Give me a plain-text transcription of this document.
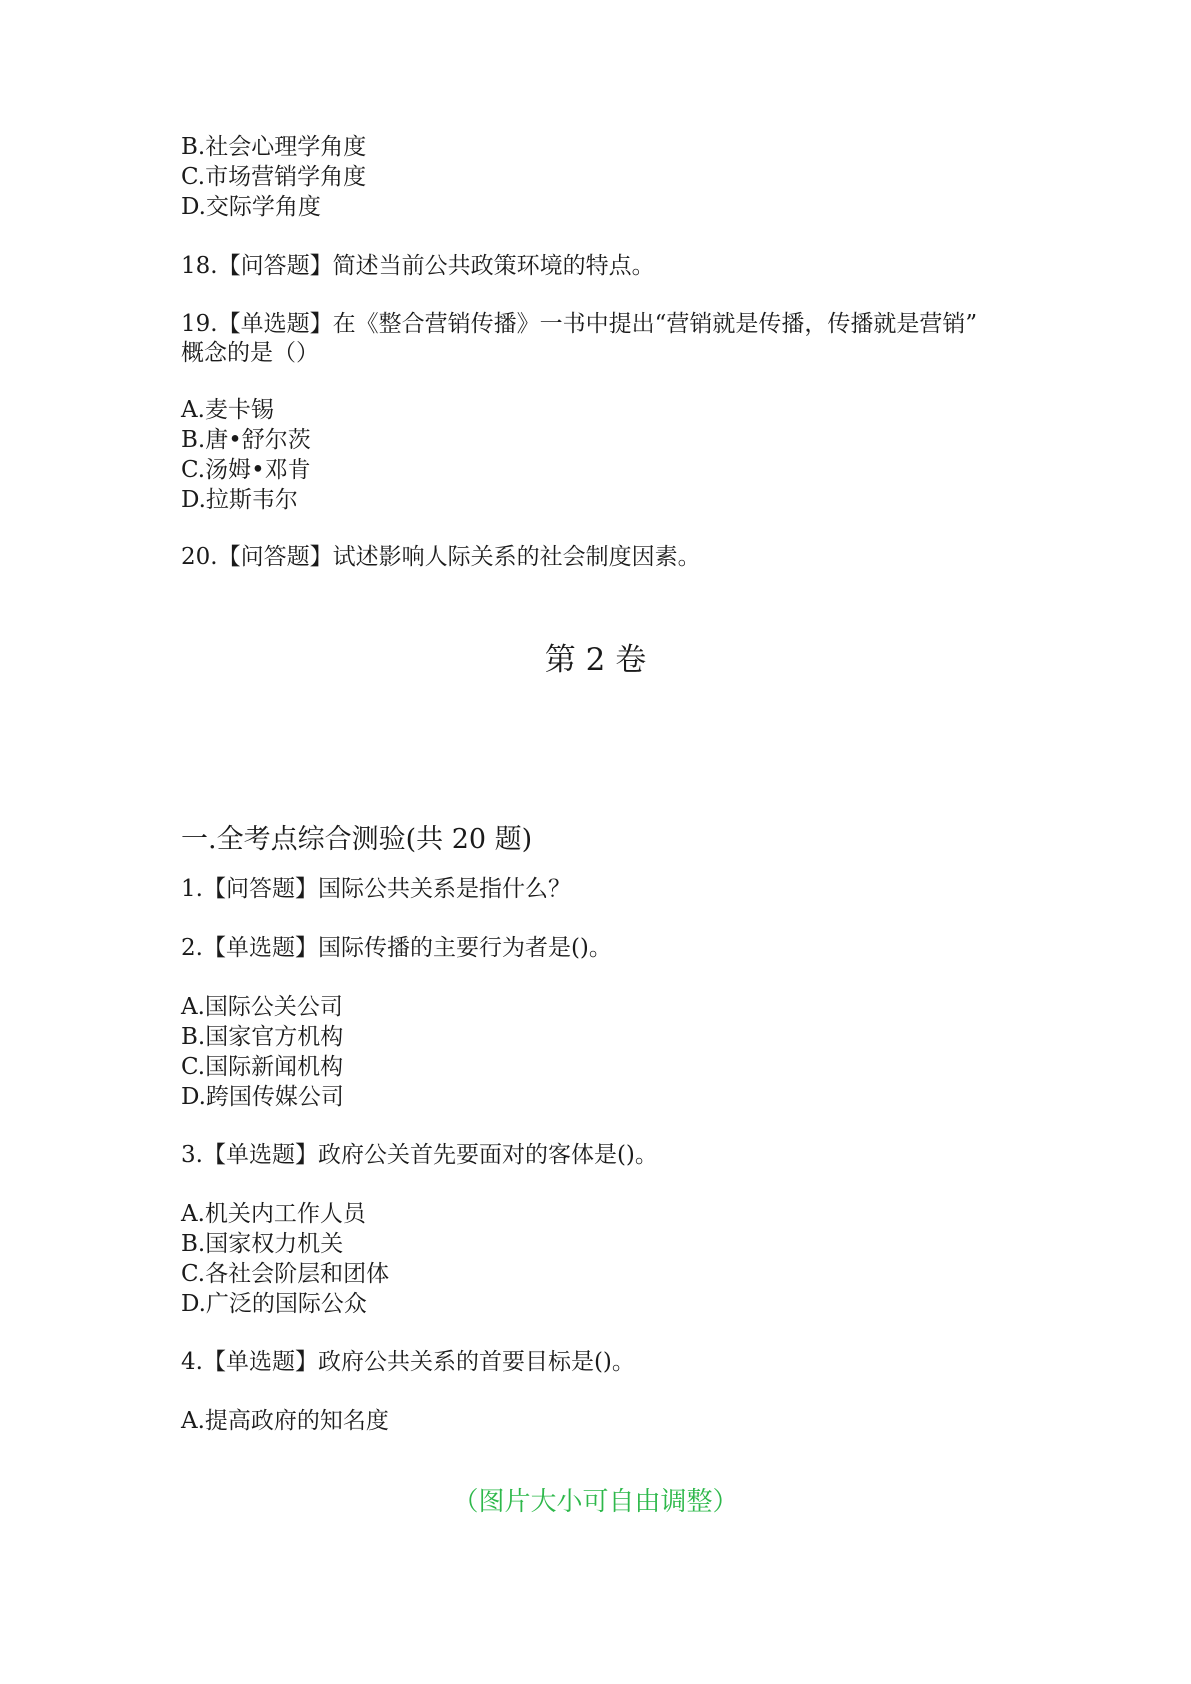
B.社会心理学角度

C.市场营销学角度

D.交际学角度

18.【问答题】简述当前公共政策环境的特点。

19.【单选题】在《整合营销传播》一书中提出“营销就是传播，传播就是营销”

概念的是（）

A.麦卡锡

B.唐•舒尔茨

C.汤姆•邓肯

D.拉斯韦尔

20.【问答题】试述影响人际关系的社会制度因素。

第 2 卷
一.全考点综合测验(共 20 题)

1.【问答题】国际公共关系是指什么？

2.【单选题】国际传播的主要行为者是()。

A.国际公关公司

B.国家官方机构

C.国际新闻机构

D.跨国传媒公司

3.【单选题】政府公关首先要面对的客体是()。

A.机关内工作人员

B.国家权力机关

C.各社会阶层和团体

D.广泛的国际公众

4.【单选题】政府公共关系的首要目标是()。

A.提高政府的知名度

（图片大小可自由调整）
